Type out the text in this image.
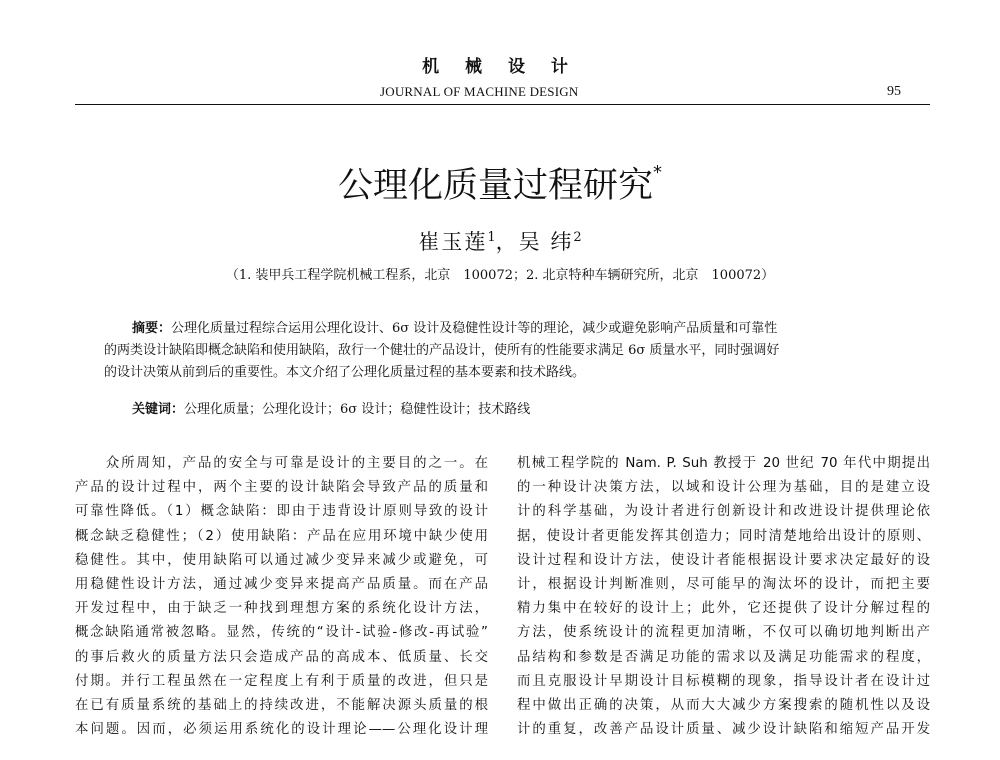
机 械 设 计
JOURNAL OF MACHINE DESIGN	95
公理化质量过程研究*
崔玉莲$^1$，吴 纬$^2$
（1. 装甲兵工程学院机械工程系，北京　100072；2. 北京特种车辆研究所，北京　100072）
摘要：公理化质量过程综合运用公理化设计、6σ 设计及稳健性设计等的理论，减少或避免影响产品质量和可靠性
的两类设计缺陷即概念缺陷和使用缺陷，敌行一个健壮的产品设计，使所有的性能要求满足 6σ 质量水平，同时强调好
的设计决策从前到后的重要性。本文介绍了公理化质量过程的基本要素和技术路线。
关键词：公理化质量；公理化设计；6σ 设计；稳健性设计；技术路线
　　众所周知，产品的安全与可靠是设计的主要目的之一。在
产品的设计过程中，两个主要的设计缺陷会导致产品的质量和
可靠性降低。（1）概念缺陷：即由于违背设计原则导致的设计
概念缺乏稳健性；（2）使用缺陷：产品在应用环境中缺少使用
稳健性。其中，使用缺陷可以通过减少变异来减少或避免，可
用稳健性设计方法，通过减少变异来提高产品质量。而在产品
开发过程中，由于缺乏一种找到理想方案的系统化设计方法，
概念缺陷通常被忽略。显然，传统的“设计-试验-修改-再试验”
的事后救火的质量方法只会造成产品的高成本、低质量、长交
付期。并行工程虽然在一定程度上有利于质量的改进，但只是
在已有质量系统的基础上的持续改进，不能解决源头质量的根
本问题。因而，必须运用系统化的设计理论——公理化设计理
机械工程学院的 Nam. P. Suh 教授于 20 世纪 70 年代中期提出
的一种设计决策方法，以域和设计公理为基础，目的是建立设
计的科学基础，为设计者进行创新设计和改进设计提供理论依
据，使设计者更能发挥其创造力；同时清楚地给出设计的原则、
设计过程和设计方法，使设计者能根据设计要求决定最好的设
计，根据设计判断准则，尽可能早的淘汰坏的设计，而把主要
精力集中在较好的设计上；此外，它还提供了设计分解过程的
方法，使系统设计的流程更加清晰，不仅可以确切地判断出产
品结构和参数是否满足功能的需求以及满足功能需求的程度，
而且克服设计早期设计目标模糊的现象，指导设计者在设计过
程中做出正确的决策，从而大大减少方案搜索的随机性以及设
计的重复，改善产品设计质量、减少设计缺陷和缩短产品开发
